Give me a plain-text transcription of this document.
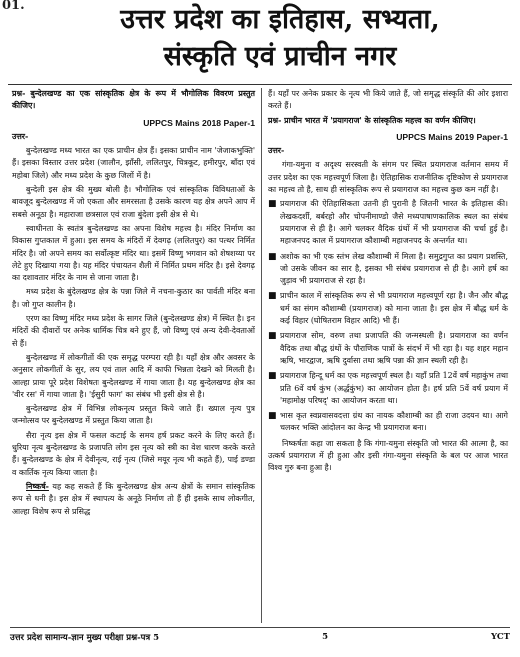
01.	उत्तर प्रदेश का इतिहास, सभ्यता,
संस्कृति एवं प्राचीन नगर
प्रश्न- बुन्देलखण्ड का एक सांस्कृतिक क्षेत्र के रूप में भौगोलिक विवरण प्रस्तुत कीजिए।
UPPCS Mains 2018 Paper-1
उत्तर-
बुन्देलखण्ड मध्य भारत का एक प्राचीन क्षेत्र हैं। इसका प्राचीन नाम 'जेजाकभुक्ति' हैं। इसका विस्तार उत्तर प्रदेश (जालौन, झाँसी, ललितपुर, चित्रकूट, हमीरपुर, बाँदा एवं महोबा जिले) और मध्य प्रदेश के कुछ जिलों में है।
बुन्देली इस क्षेत्र की मुख्य बोली है। भौगोलिक एवं सांस्कृतिक विविधताओं के बावजूद बुन्देलखण्ड में जो एकता और समरसता है उसके कारण यह क्षेत्र अपने आप में सबसे अनूठा है। महाराजा छत्रसाल एवं राजा बुंदेला इसी क्षेत्र से थे।
स्वाधीनता के स्वतंत्र बुन्देलखण्ड का अपना विशेष महत्त्व है। मंदिर निर्माण का विकास गुप्तकाल में हुआ। इस समय के मंदिरों में देवगढ़ (ललितपुर) का पत्थर निर्मित मंदिर है। जो अपने समय का सर्वोत्कृष्ट मंदिर था। इसमें विष्णु भगवान को शेषशय्या पर लेटे हुए दिखाया गया है। यह मंदिर पंचायतन शैली में निर्मित प्रथम मंदिर है। इसे देवगढ़ का दशावतार मंदिर के नाम से जाना जाता है।
मध्य प्रदेश के बुंदेलखण्ड क्षेत्र के पन्ना जिले में नचना-कुठार का पार्वती मंदिर बना है। जो गुप्त कालीन है।
एरण का विष्णु मंदिर मध्य प्रदेश के सागर जिले (बुन्देलखण्ड क्षेत्र) में स्थित है। इन मंदिरों की दीवारों पर अनेक धार्मिक चित्र बने हुए हैं, जो विष्णु एवं अन्य देवी-देवताओं से हैं।
बुन्देलखण्ड में लोकगीतों की एक समृद्ध परम्परा रही है। यहाँ क्षेत्र और अवसर के अनुसार लोकगीतों के सुर, लय एवं ताल आदि में काफी भिन्नता देखने को मिलती है। आल्हा प्रायः पूरे प्रदेश विशेषतः बुन्देलखण्ड में गाया जाता है। यह बुन्देलखण्ड क्षेत्र का 'वीर रस' में गाया जाता है। 'ईसुरी फाग' का संबंध भी इसी क्षेत्र से है।
बुन्देलखण्ड क्षेत्र में विभिन्न लोकनृत्य प्रस्तुत किये जाते हैं। ख्याल नृत्य पुत्र जन्मोत्सव पर बुन्देलखण्ड में प्रस्तुत किया जाता है।
सैरा नृत्य इस क्षेत्र में फसल कटाई के समय हर्ष प्रकट करने के लिए करते हैं। धुरिया नृत्य बुन्देलखण्ड के प्रजापति लोग इस नृत्य को स्त्री का वेश धारण करके करते हैं। बुन्देलखण्ड के क्षेत्र में देवीनृत्य, राई नृत्य (जिसे मयूर नृत्य भी कहते हैं), पाई डण्डा व कार्तिक नृत्य किया जाता है।
निष्कर्ष- यह कह सकते हैं कि बुन्देलखण्ड क्षेत्र अन्य क्षेत्रों के समान सांस्कृतिक रूप से धनी है। इस क्षेत्र में स्थापत्य के अनूठे निर्माण तो हैं ही इसके साथ लोकगीत, आल्हा विशेष रूप से प्रसिद्ध
हैं। यहाँ पर अनेक प्रकार के नृत्य भी किये जाते हैं, जो समृद्ध संस्कृति की ओर इशारा करते हैं।
प्रश्न- प्राचीन भारत में 'प्रयागराज' के सांस्कृतिक महत्त्व का वर्णन कीजिए।
UPPCS Mains 2019 Paper-1
उत्तर-
गंगा-यमुना व अदृश्य सरस्वती के संगम पर स्थित प्रयागराज वर्तमान समय में उत्तर प्रदेश का एक महत्त्वपूर्ण जिला है। ऐतिहासिक राजनीतिक दृष्टिकोण से प्रयागराज का महत्त्व तो है, साथ ही सांस्कृतिक रूप से प्रयागराज का महत्त्व कुछ कम नहीं है।
■ प्रयागराज की ऐतिहासिकता उतनी ही पुरानी है जितनी भारत के इतिहास की। लेखकदर्शी, बर्बरहो और चोपनीमाण्डो जैसे मध्यपाषाणकालिक स्थल का संबंध प्रयागराज से ही है। आगे चलकर वैदिक ग्रंथों में भी प्रयागराज की चर्चा हुई है। महाजनपद काल में प्रयागराज कौशाम्बी महाजनपद के अन्तर्गत था।
■ अशोक का भी एक स्तंभ लेख कौशाम्बी में मिला है। समुद्रगुप्त का प्रयाग प्रशस्ति, जो उसके जीवन का सार है, इसका भी संबंध प्रयागराज से ही है। आगे हर्ष का जुड़ाव भी प्रयागराज से रहा है।
■ प्राचीन काल में सांस्कृतिक रूप से भी प्रयागराज महत्त्वपूर्ण रहा है। जैन और बौद्ध धर्म का संगम कौशाम्बी (प्रयागराज) को माना जाता है। इस क्षेत्र में बौद्ध धर्म के कई विहार (घोषितराम विहार आदि) भी हैं।
■ प्रयागराज सोम, वरुण तथा प्रजापति की जन्मस्थली है। प्रयागराज का वर्णन वैदिक तथा बौद्ध ग्रंथों के पौराणिक पात्रों के संदर्भ में भी रहा है। यह शहर महान ऋषि, भारद्वाज, ऋषि दुर्वासा तथा ऋषि पन्ना की ज्ञान स्थली रही है।
■ प्रयागराज हिन्दू धर्म का एक महत्त्वपूर्ण स्थल है। यहाँ प्रति 12वें वर्ष महाकुंभ तथा प्रति 6वें वर्ष कुंभ (अर्द्धकुंभ) का आयोजन होता है। हर्ष प्रति 5वें वर्ष प्रयाग में 'महामोक्ष परिषद्' का आयोजन करता था।
■ भास कृत स्वप्नवासवदत्ता ग्रंथ का नायक कौशाम्बी का ही राजा उदयन था। आगे चलकर भक्ति आंदोलन का केन्द्र भी प्रयागराज बना।
निष्कर्षतः कहा जा सकता है कि गंगा-यमुना संस्कृति जो भारत की आत्मा है, का उत्कर्ष प्रयागराज में ही हुआ और इसी गंगा-यमुना संस्कृति के बल पर आज भारत विश्व गुरु बना हुआ है।
उत्तर प्रदेश सामान्य-ज्ञान मुख्य परीक्षा प्रश्न-पत्र 5	5	YCT
